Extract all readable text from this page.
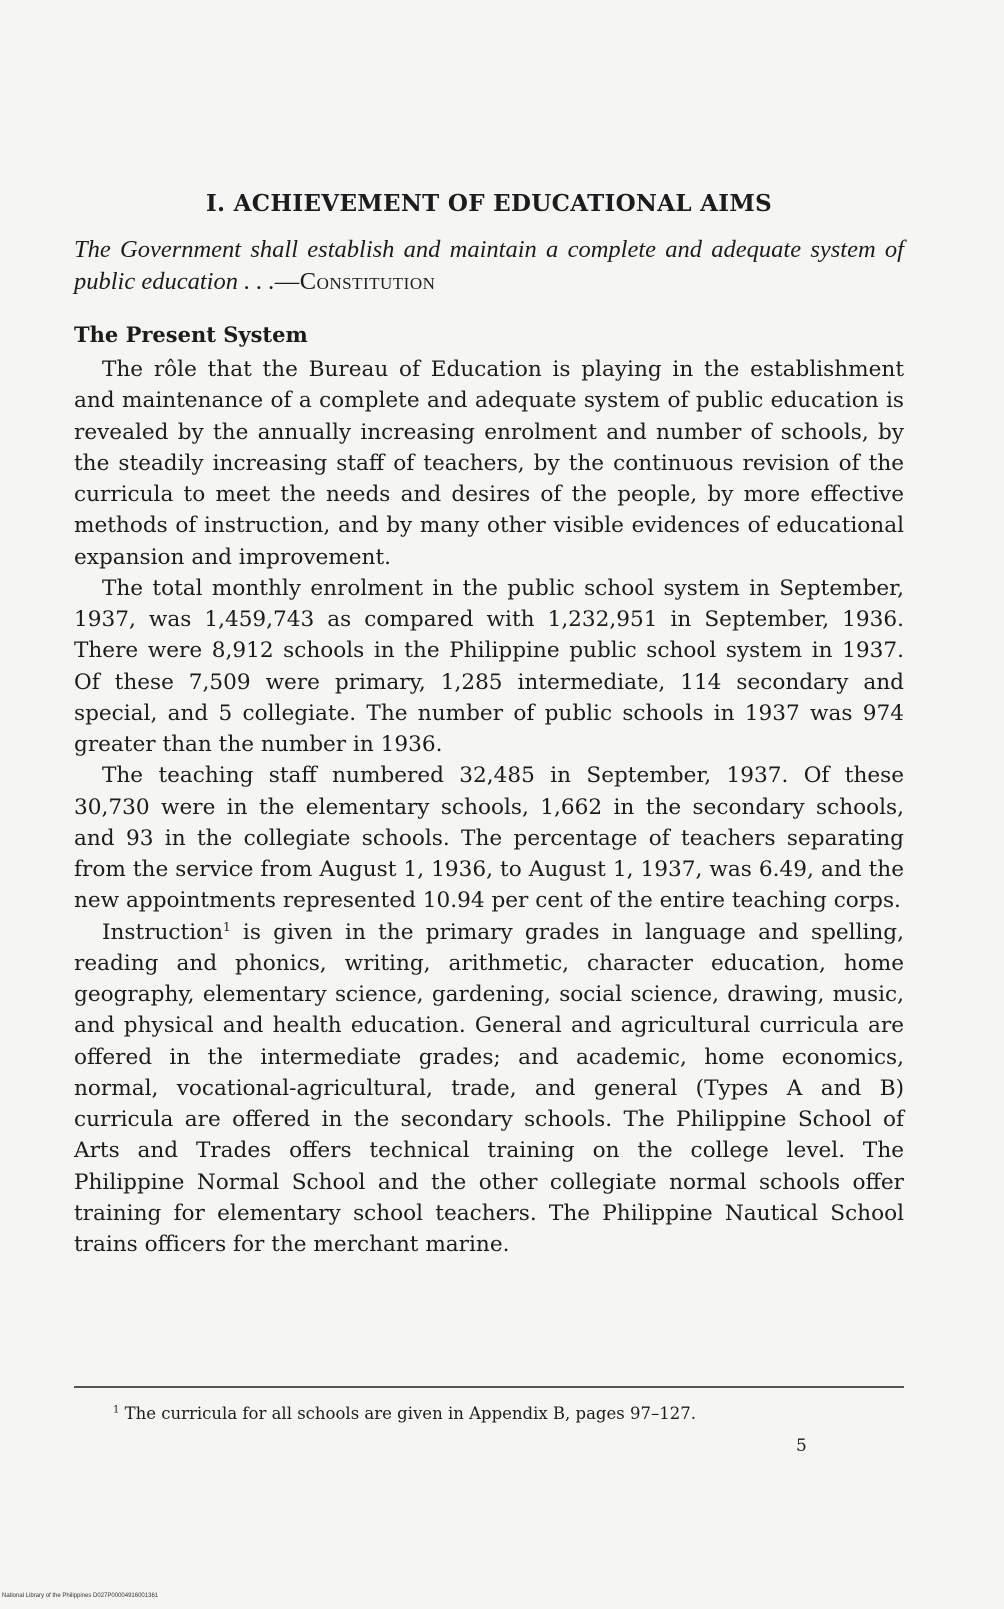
I. ACHIEVEMENT OF EDUCATIONAL AIMS

The Government shall establish and maintain a complete and adequate system of public education . . .—Constitution

The Present System

The rôle that the Bureau of Education is playing in the establishment and maintenance of a complete and adequate system of public education is revealed by the annually increasing enrolment and number of schools, by the steadily increasing staff of teachers, by the continuous revision of the curricula to meet the needs and desires of the people, by more effective methods of instruction, and by many other visible evidences of educational expansion and improvement.

The total monthly enrolment in the public school system in September, 1937, was 1,459,743 as compared with 1,232,951 in September, 1936. There were 8,912 schools in the Philippine public school system in 1937. Of these 7,509 were primary, 1,285 intermediate, 114 secondary and special, and 5 collegiate. The number of public schools in 1937 was 974 greater than the number in 1936.

The teaching staff numbered 32,485 in September, 1937. Of these 30,730 were in the elementary schools, 1,662 in the secondary schools, and 93 in the collegiate schools. The percentage of teachers separating from the service from August 1, 1936, to August 1, 1937, was 6.49, and the new appointments represented 10.94 per cent of the entire teaching corps.

Instruction$^1$ is given in the primary grades in language and spelling, reading and phonics, writing, arithmetic, character education, home geography, elementary science, gardening, social science, drawing, music, and physical and health education. General and agricultural curricula are offered in the intermediate grades; and academic, home economics, normal, vocational-agricultural, trade, and general (Types A and B) curricula are offered in the secondary schools. The Philippine School of Arts and Trades offers technical training on the college level. The Philippine Normal School and the other collegiate normal schools offer training for elementary school teachers. The Philippine Nautical School trains officers for the merchant marine.

$^1$ The curricula for all schools are given in Appendix B, pages 97–127.

5

National Library of the Philippines D027P00004916001361
